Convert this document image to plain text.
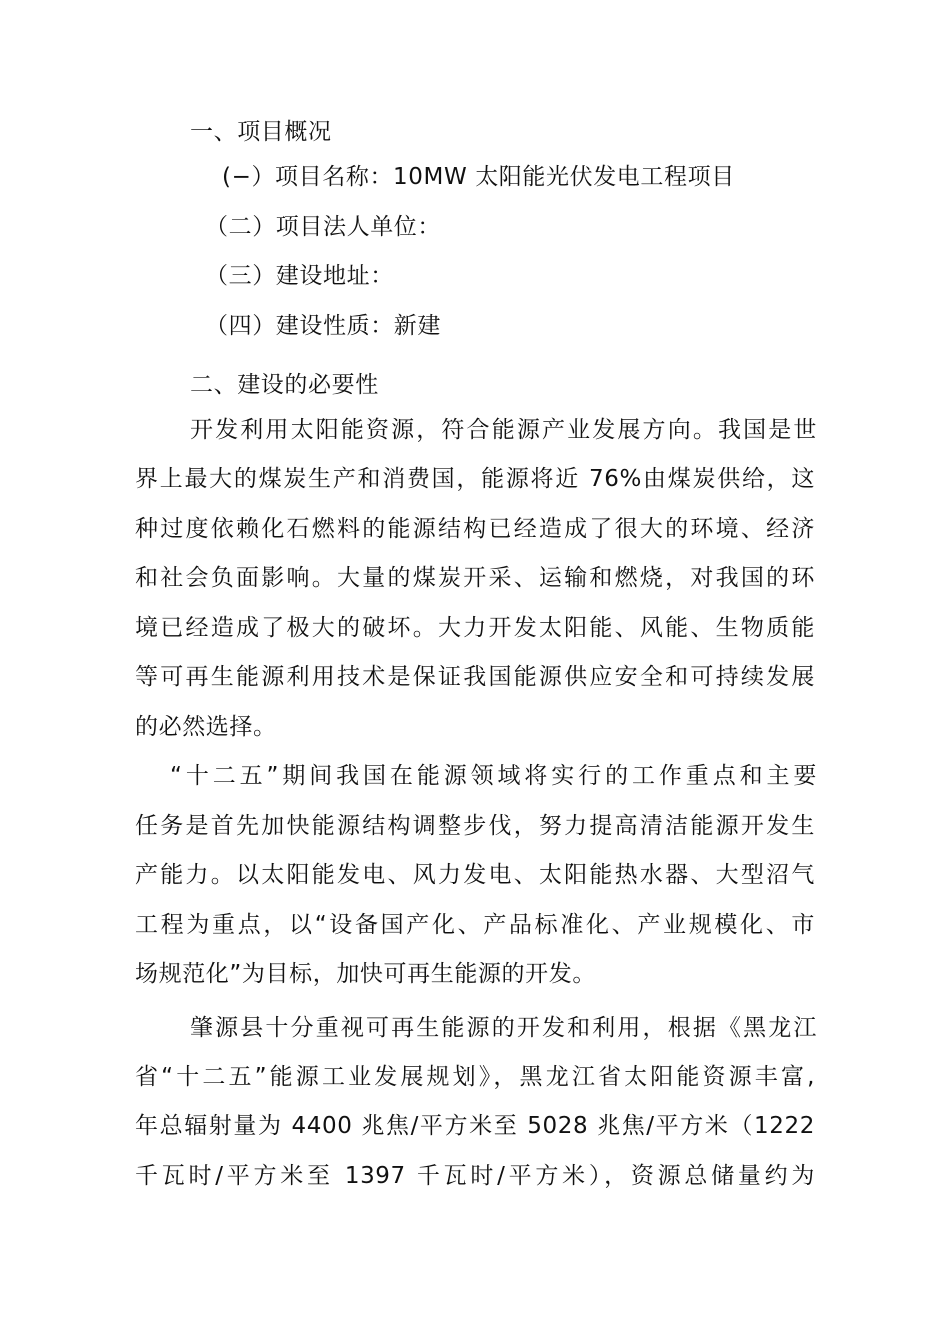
一、项目概况
(−）项目名称：10MW 太阳能光伏发电工程项目
（二）项目法人单位：
（三）建设地址：
（四）建设性质：新建
二、建设的必要性
开发利用太阳能资源，符合能源产业发展方向。我国是世
界上最大的煤炭生产和消费国，能源将近 76%由煤炭供给，这
种过度依赖化石燃料的能源结构已经造成了很大的环境、经济
和社会负面影响。大量的煤炭开采、运输和燃烧，对我国的环
境已经造成了极大的破坏。大力开发太阳能、风能、生物质能
等可再生能源利用技术是保证我国能源供应安全和可持续发展
的必然选择。
“十二五”期间我国在能源领域将实行的工作重点和主要
任务是首先加快能源结构调整步伐，努力提高清洁能源开发生
产能力。以太阳能发电、风力发电、太阳能热水器、大型沼气
工程为重点，以“设备国产化、产品标准化、产业规模化、市
场规范化”为目标，加快可再生能源的开发。
肇源县十分重视可再生能源的开发和利用，根据《黑龙江
省“十二五”能源工业发展规划》，黑龙江省太阳能资源丰富,
年总辐射量为 4400 兆焦/平方米至 5028 兆焦/平方米（1222
千瓦时/平方米至 1397 千瓦时/平方米），资源总储量约为
